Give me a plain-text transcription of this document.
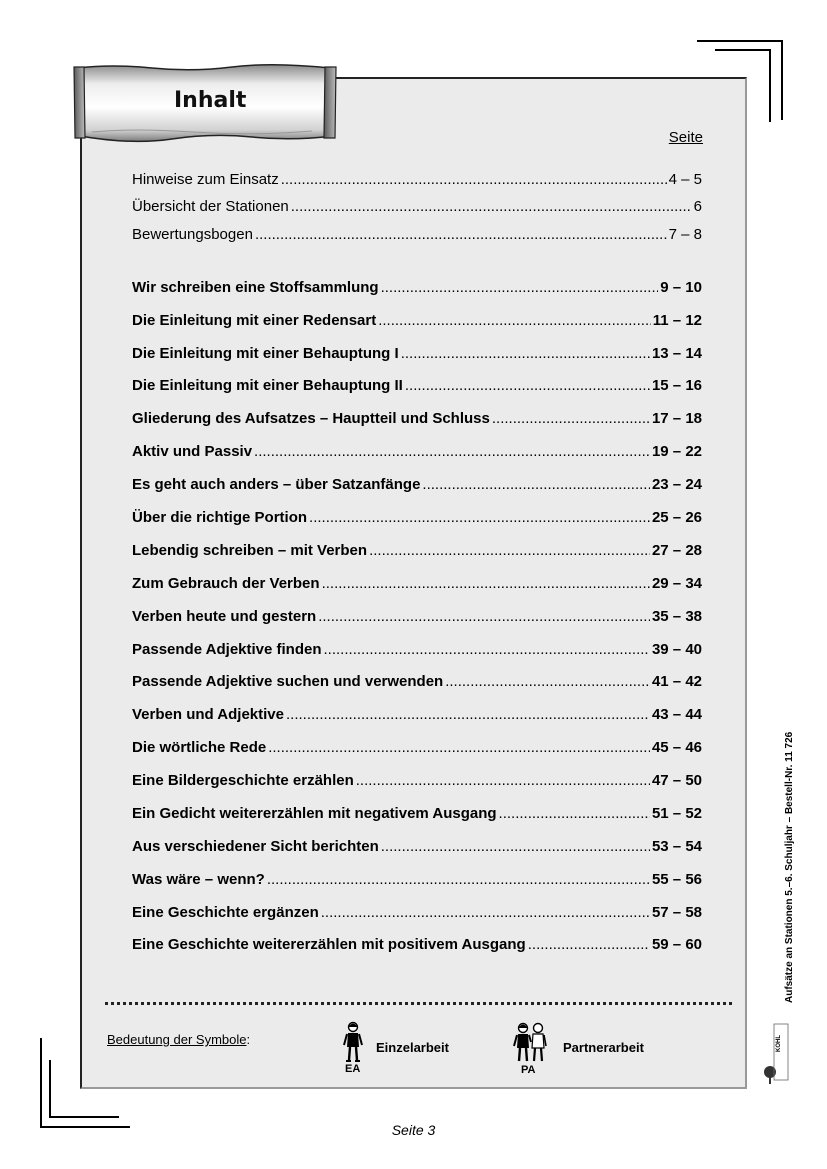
Inhalt
Seite
Hinweise zum Einsatz .....	4 – 5
Übersicht der Stationen .....	6
Bewertungsbogen .....	7 – 8
Wir schreiben eine Stoffsammlung .....	9 – 10
Die Einleitung mit einer Redensart .....	11 – 12
Die Einleitung mit einer Behauptung I .....	13 – 14
Die Einleitung mit einer Behauptung II .....	15 – 16
Gliederung des Aufsatzes – Hauptteil und Schluss .....	17 – 18
Aktiv und Passiv .....	19 – 22
Es geht auch anders – über Satzanfänge .....	23 – 24
Über die richtige Portion .....	25 – 26
Lebendig schreiben – mit Verben .....	27 – 28
Zum Gebrauch der Verben .....	29 – 34
Verben heute und gestern .....	35 – 38
Passende Adjektive finden .....	39 – 40
Passende Adjektive suchen und verwenden .....	41 – 42
Verben und Adjektive .....	43 – 44
Die wörtliche Rede .....	45 – 46
Eine Bildergeschichte erzählen .....	47 – 50
Ein Gedicht weitererzählen mit negativem Ausgang .....	51 – 52
Aus verschiedener Sicht berichten .....	53 – 54
Was wäre – wenn? .....	55 – 56
Eine Geschichte ergänzen .....	57 – 58
Eine Geschichte weitererzählen mit positivem Ausgang .....	59 – 60
Bedeutung der Symbole:
EA
Einzelarbeit
PA
Partnerarbeit	KOHL
Aufsätze an Stationen 5.–6. Schuljahr – Bestell-Nr. 11 726
Seite 3
